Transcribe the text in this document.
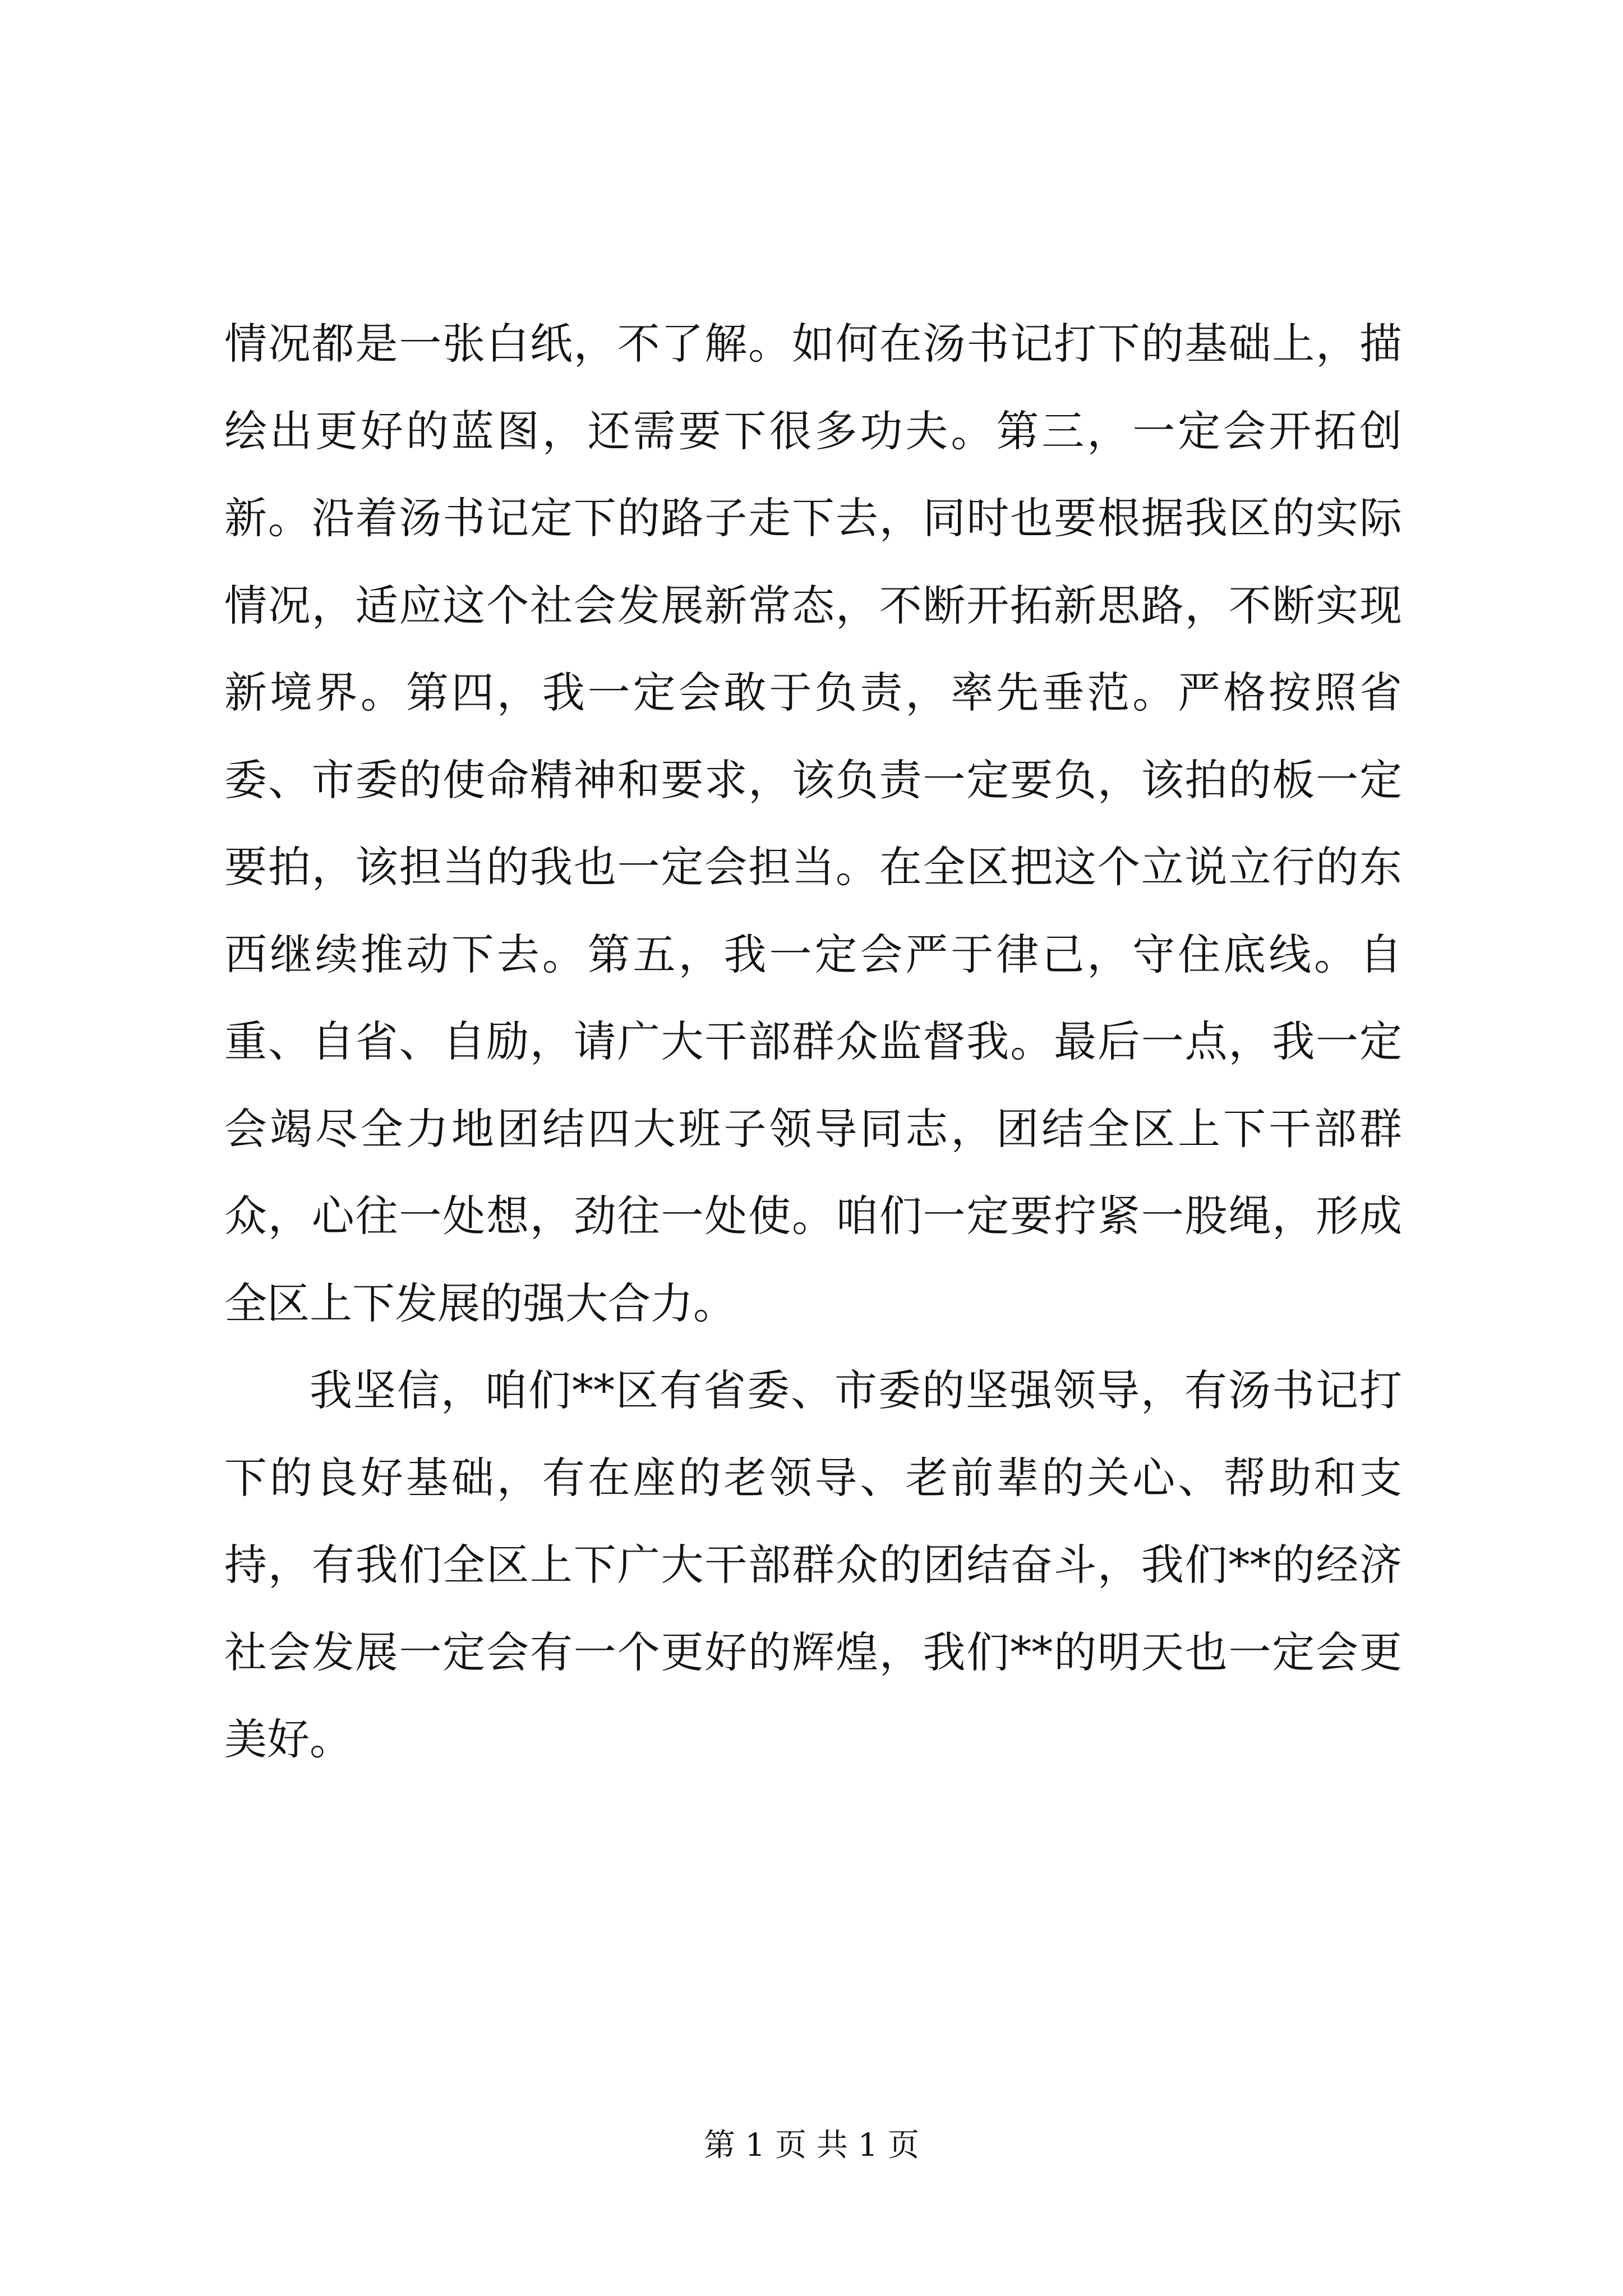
情况都是一张白纸，不了解。如何在汤书记打下的基础上，描绘出更好的蓝图，还需要下很多功夫。第三，一定会开拓创新。沿着汤书记定下的路子走下去，同时也要根据我区的实际情况，适应这个社会发展新常态，不断开拓新思路，不断实现新境界。第四，我一定会敢于负责，率先垂范。严格按照省委、市委的使命精神和要求，该负责一定要负，该拍的板一定要拍，该担当的我也一定会担当。在全区把这个立说立行的东西继续推动下去。第五，我一定会严于律己，守住底线。自重、自省、自励，请广大干部群众监督我。最后一点，我一定会竭尽全力地团结四大班子领导同志，团结全区上下干部群众，心往一处想，劲往一处使。咱们一定要拧紧一股绳，形成全区上下发展的强大合力。

我坚信，咱们**区有省委、市委的坚强领导，有汤书记打下的良好基础，有在座的老领导、老前辈的关心、帮助和支持，有我们全区上下广大干部群众的团结奋斗，我们**的经济社会发展一定会有一个更好的辉煌，我们**的明天也一定会更美好。

第 1 页 共 1 页
